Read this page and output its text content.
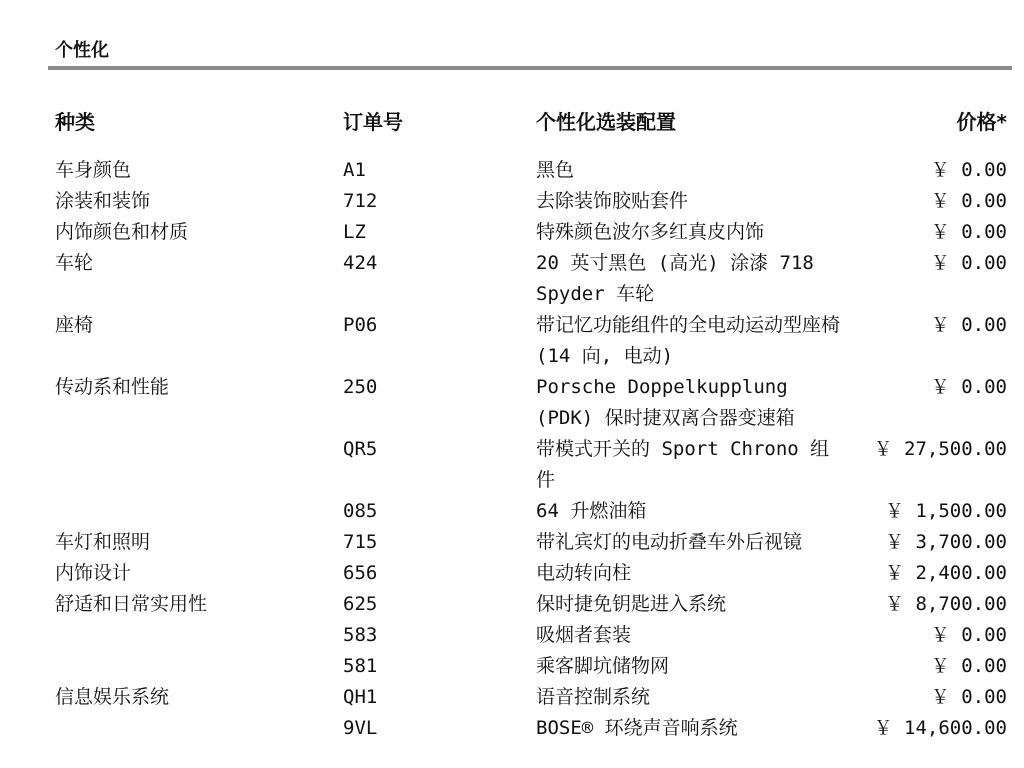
个性化
种类	订单号	个性化选装配置	价格*
车身颜色	A1	黑色	￥ 0.00
涂装和装饰	712	去除装饰胶贴套件	￥ 0.00
内饰颜色和材质	LZ	特殊颜色波尔多红真皮内饰	￥ 0.00
车轮	424	20 英寸黑色 (高光) 涂漆 718 Spyder 车轮	￥ 0.00
座椅	P06	带记忆功能组件的全电动运动型座椅 (14 向, 电动)	￥ 0.00
传动系和性能	250	Porsche Doppelkupplung (PDK) 保时捷双离合器变速箱	￥ 0.00
	QR5	带模式开关的 Sport Chrono 组件	￥ 27,500.00
	085	64 升燃油箱	￥ 1,500.00
车灯和照明	715	带礼宾灯的电动折叠车外后视镜	￥ 3,700.00
内饰设计	656	电动转向柱	￥ 2,400.00
舒适和日常实用性	625	保时捷免钥匙进入系统	￥ 8,700.00
	583	吸烟者套装	￥ 0.00
	581	乘客脚坑储物网	￥ 0.00
信息娱乐系统	QH1	语音控制系统	￥ 0.00
	9VL	BOSE® 环绕声音响系统	￥ 14,600.00
